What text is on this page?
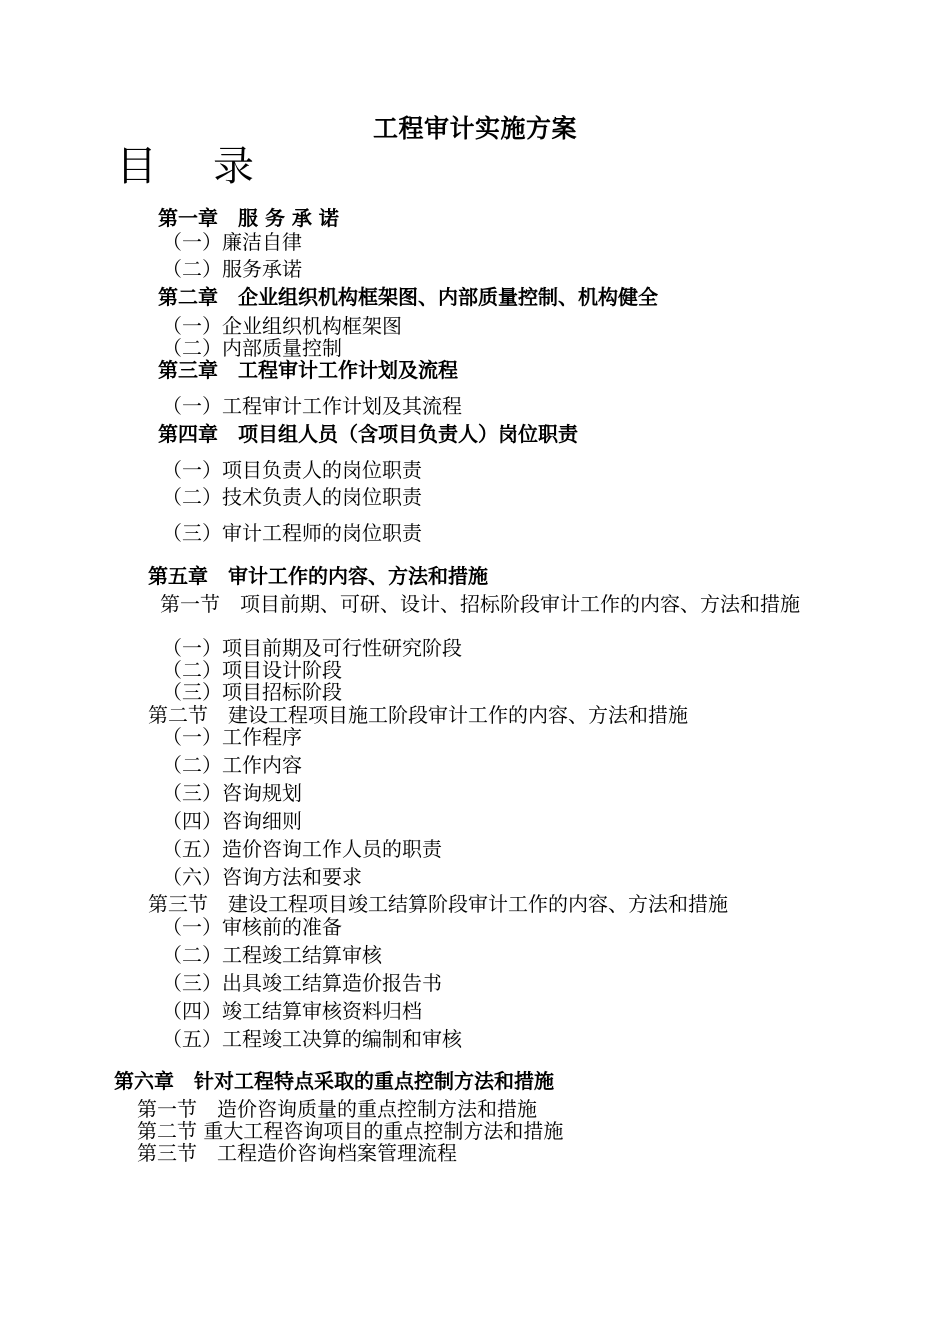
工程审计实施方案
目录
第一章　服 务 承 诺
（一）廉洁自律
（二）服务承诺
第二章　企业组织机构框架图、内部质量控制、机构健全
（一）企业组织机构框架图
（二）内部质量控制
第三章　工程审计工作计划及流程
（一）工程审计工作计划及其流程
第四章　项目组人员（含项目负责人）岗位职责
（一）项目负责人的岗位职责
（二）技术负责人的岗位职责
（三）审计工程师的岗位职责
第五章　审计工作的内容、方法和措施
第一节　项目前期、可研、设计、招标阶段审计工作的内容、方法和措施
（一）项目前期及可行性研究阶段
（二）项目设计阶段
（三）项目招标阶段
第二节　建设工程项目施工阶段审计工作的内容、方法和措施
（一）工作程序
（二）工作内容
（三）咨询规划
（四）咨询细则
（五）造价咨询工作人员的职责
（六）咨询方法和要求
第三节　建设工程项目竣工结算阶段审计工作的内容、方法和措施
（一）审核前的准备
（二）工程竣工结算审核
（三）出具竣工结算造价报告书
（四）竣工结算审核资料归档
（五）工程竣工决算的编制和审核
第六章　针对工程特点采取的重点控制方法和措施
第一节　造价咨询质量的重点控制方法和措施
第二节 重大工程咨询项目的重点控制方法和措施
第三节　工程造价咨询档案管理流程
